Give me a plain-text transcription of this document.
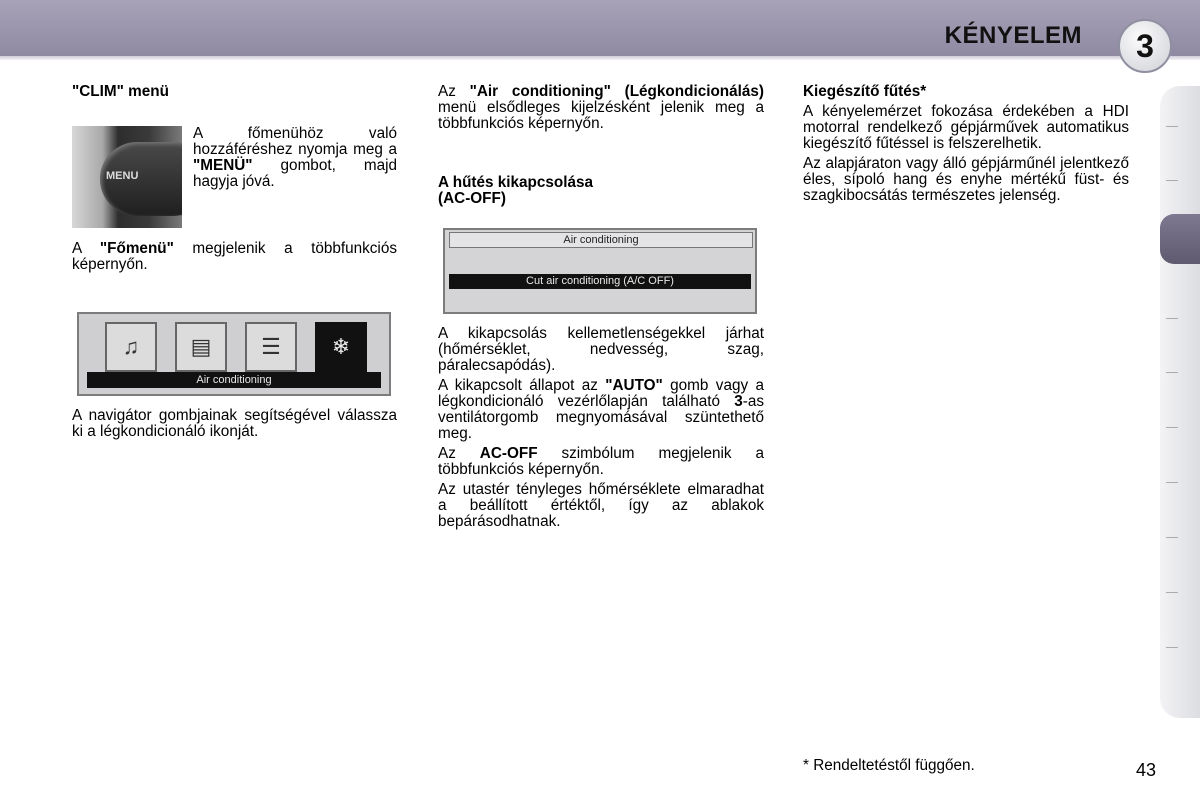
KÉNYELEM	3

"CLIM" menü

MENU

A főmenühöz való hozzáféréshez nyomja meg a "MENÜ" gombot, majd hagyja jóvá.

A "Főmenü" megjelenik a többfunkciós képernyőn.

♫	▤	☰	❄
Air conditioning

A navigátor gombjainak segítségével válassza ki a légkondicionáló ikonját.

Az "Air conditioning" (Légkondicionálás) menü elsődleges kijelzésként jelenik meg a többfunkciós képernyőn.

A hűtés kikapcsolása

(AC-OFF)

Air conditioning
Cut air conditioning (A/C OFF)

A kikapcsolás kellemetlenségekkel járhat (hőmérséklet, nedvesség, szag, páralecsapódás).

A kikapcsolt állapot az "AUTO" gomb vagy a légkondicionáló vezérlőlapján található 3-as ventilátorgomb megnyomásával szüntethető meg.

Az AC-OFF szimbólum megjelenik a többfunkciós képernyőn.

Az utastér tényleges hőmérséklete elmaradhat a beállított értéktől, így az ablakok bepárásodhatnak.

Kiegészítő fűtés*

A kényelemérzet fokozása érdekében a HDI motorral rendelkező gépjárművek automatikus kiegészítő fűtéssel is felszerelhetik.

Az alapjáraton vagy álló gépjárműnél jelentkező éles, sípoló hang és enyhe mértékű füst- és szagkibocsátás természetes jelenség.

* Rendeltetéstől függően.	43
